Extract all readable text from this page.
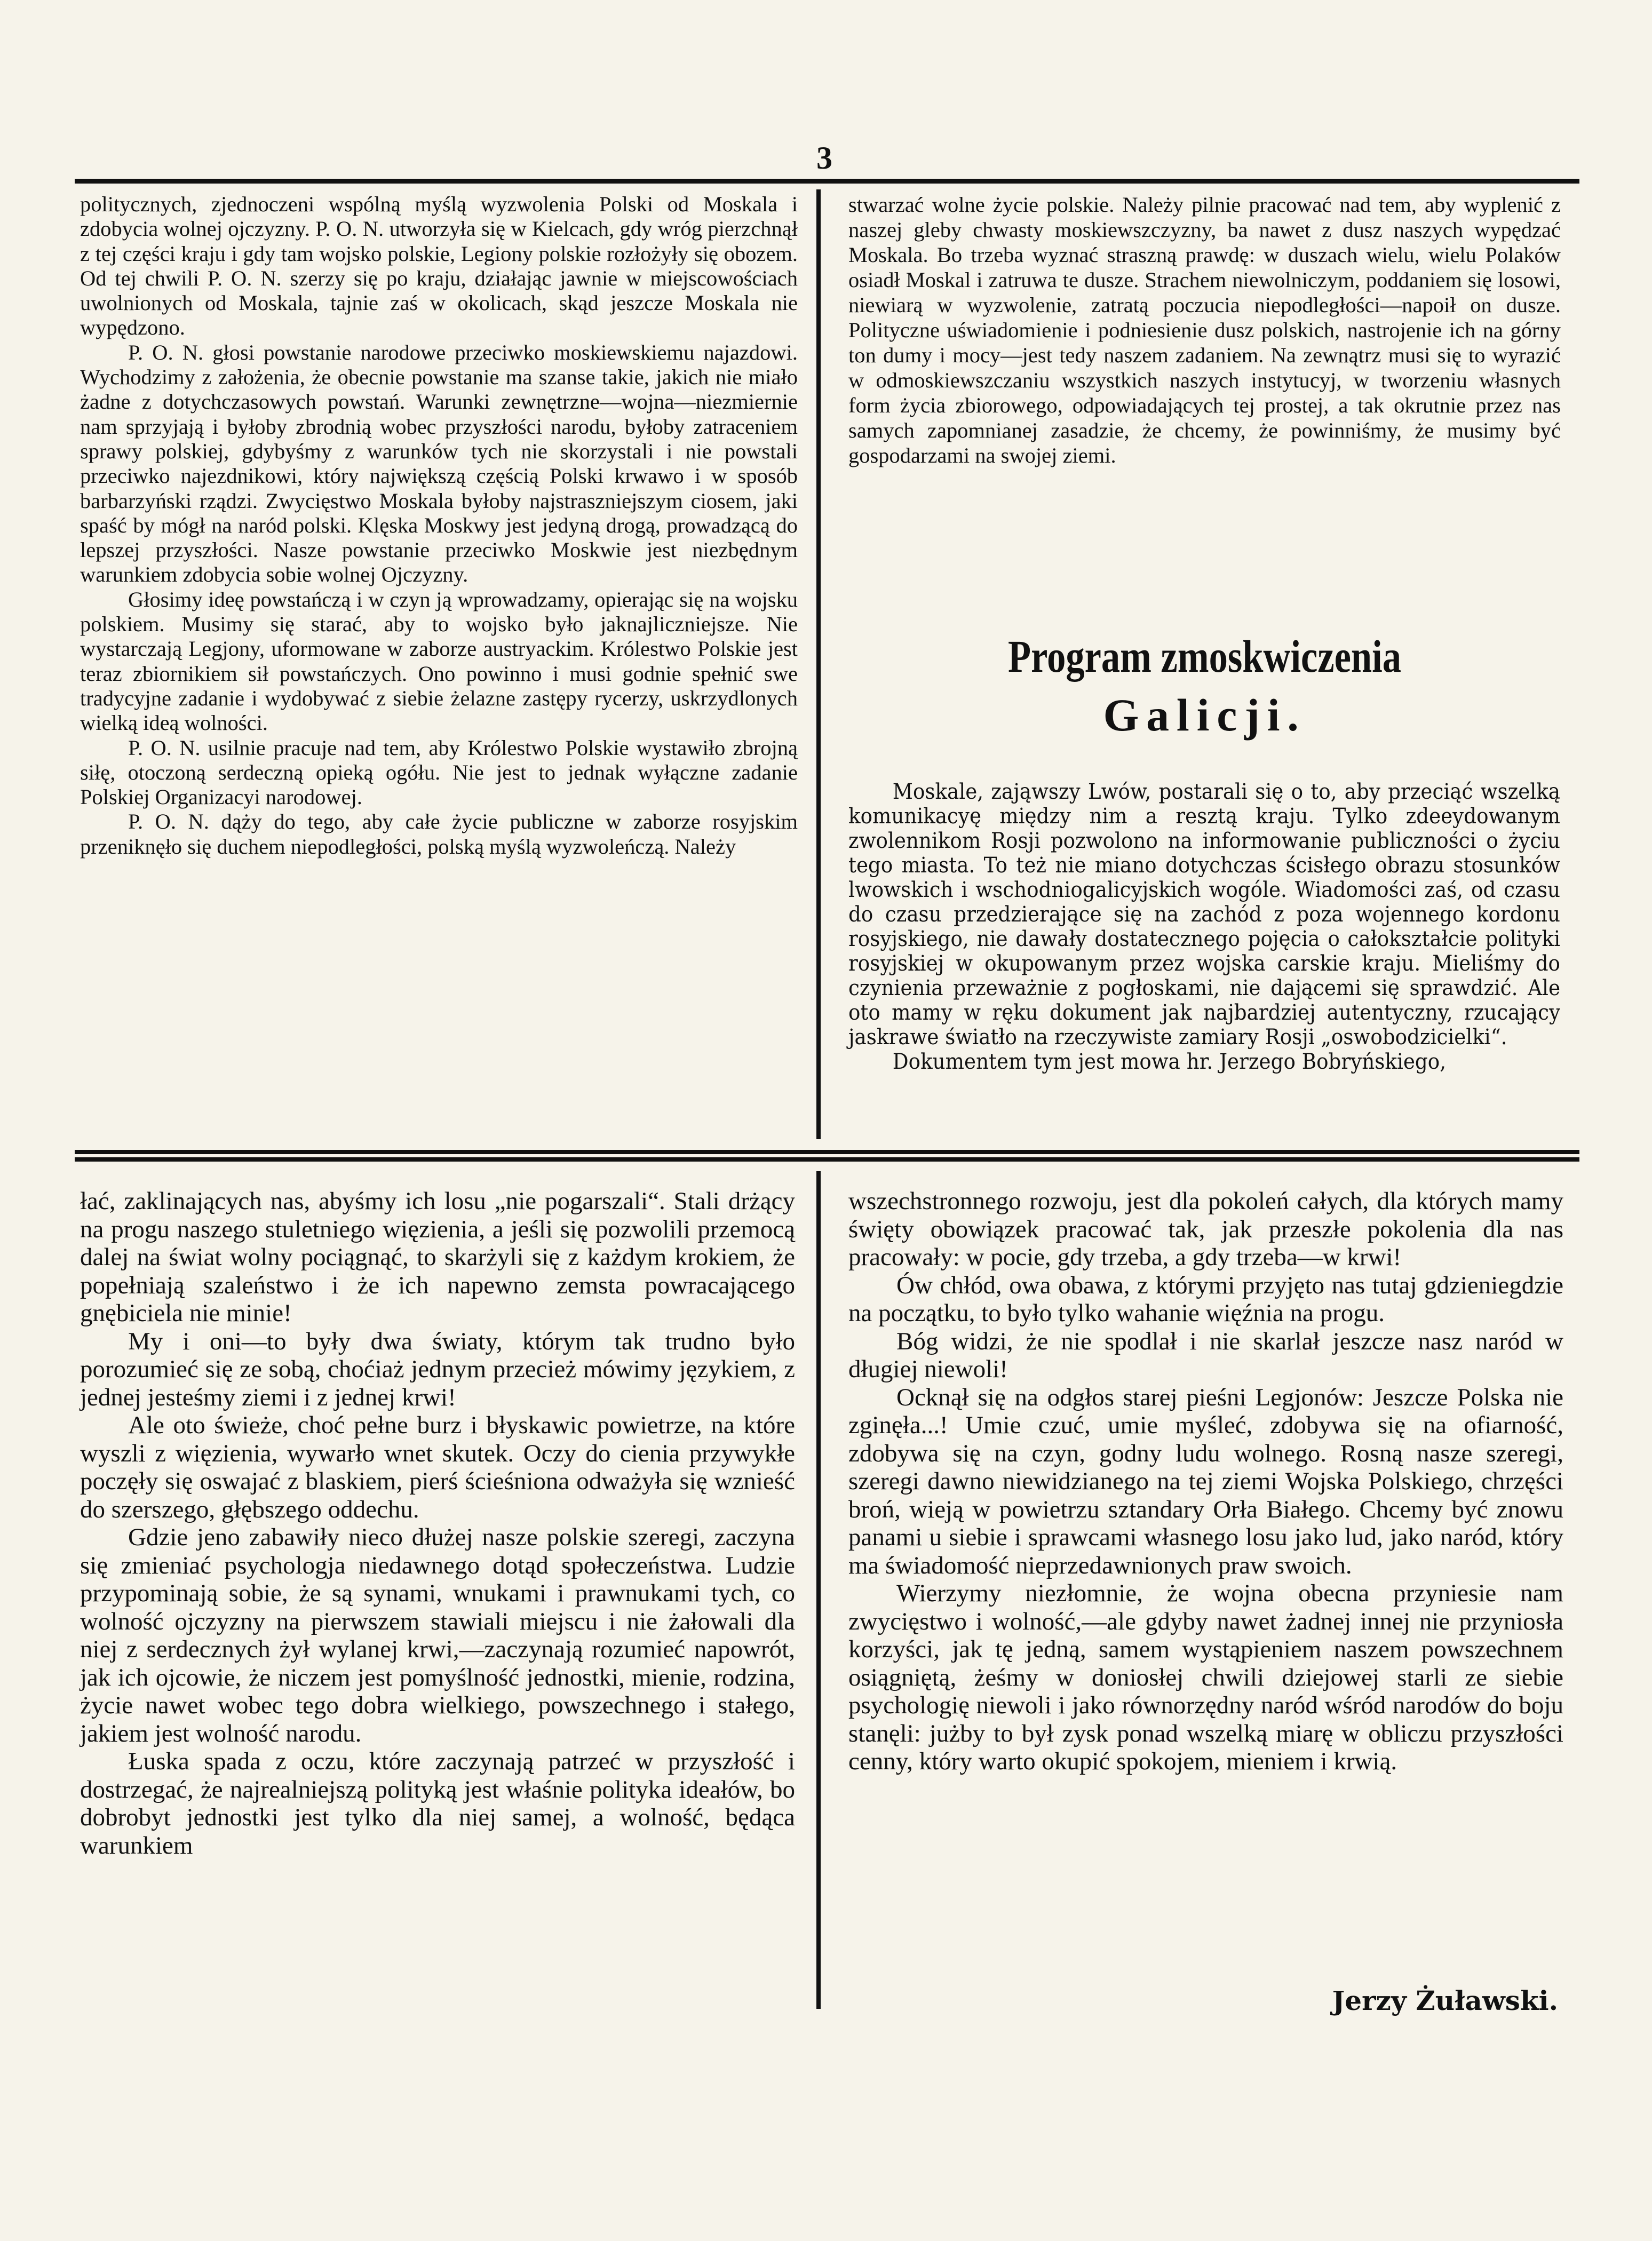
3

politycznych, zjednoczeni wspólną myślą wyzwolenia Polski od Moskala i zdobycia wolnej ojczyzny. P. O. N. utworzyła się w Kielcach, gdy wróg pierzchnął z tej części kraju i gdy tam wojsko polskie, Legiony polskie rozłożyły się obozem. Od tej chwili P. O. N. szerzy się po kraju, działając jawnie w miejscowościach uwolnionych od Moskala, tajnie zaś w okolicach, skąd jeszcze Moskala nie wypędzono.

P. O. N. głosi powstanie narodowe przeciwko moskiewskiemu najazdowi. Wychodzimy z założenia, że obecnie powstanie ma szanse takie, jakich nie miało żadne z dotychczasowych powstań. Warunki zewnętrzne—wojna—niezmiernie nam sprzyjają i byłoby zbrodnią wobec przyszłości narodu, byłoby zatraceniem sprawy polskiej, gdybyśmy z warunków tych nie skorzystali i nie powstali przeciwko najezdnikowi, który największą częścią Polski krwawo i w sposób barbarzyński rządzi. Zwycięstwo Moskala byłoby najstraszniejszym ciosem, jaki spaść by mógł na naród polski. Klęska Moskwy jest jedyną drogą, prowadzącą do lepszej przyszłości. Nasze powstanie przeciwko Moskwie jest niezbędnym warunkiem zdobycia sobie wolnej Ojczyzny.

Głosimy ideę powstańczą i w czyn ją wprowadzamy, opierając się na wojsku polskiem. Musimy się starać, aby to wojsko było jaknajliczniejsze. Nie wystarczają Legjony, uformowane w zaborze austryackim. Królestwo Polskie jest teraz zbiornikiem sił powstańczych. Ono powinno i musi godnie spełnić swe tradycyjne zadanie i wydobywać z siebie żelazne zastępy rycerzy, uskrzydlonych wielką ideą wolności.

P. O. N. usilnie pracuje nad tem, aby Królestwo Polskie wystawiło zbrojną siłę, otoczoną serdeczną opieką ogółu. Nie jest to jednak wyłączne zadanie Polskiej Organizacyi narodowej.

P. O. N. dąży do tego, aby całe życie publiczne w zaborze rosyjskim przeniknęło się duchem niepodległości, polską myślą wyzwoleńczą. Należy

stwarzać wolne życie polskie. Należy pilnie pracować nad tem, aby wyplenić z naszej gleby chwasty moskiewszczyzny, ba nawet z dusz naszych wypędzać Moskala. Bo trzeba wyznać straszną prawdę: w duszach wielu, wielu Polaków osiadł Moskal i zatruwa te dusze. Strachem niewolniczym, poddaniem się losowi, niewiarą w wyzwolenie, zatratą poczucia niepodległości—napoił on dusze. Polityczne uświadomienie i podniesienie dusz polskich, nastrojenie ich na górny ton dumy i mocy—jest tedy naszem zadaniem. Na zewnątrz musi się to wyrazić w odmoskiewszczaniu wszystkich naszych instytucyj, w tworzeniu własnych form życia zbiorowego, odpowiadających tej prostej, a tak okrutnie przez nas samych zapomnianej zasadzie, że chcemy, że powinniśmy, że musimy być gospodarzami na swojej ziemi.

Program zmoskwiczenia
Galicji.

Moskale, zająwszy Lwów, postarali się o to, aby przeciąć wszelką komunikacyę między nim a resztą kraju. Tylko zdeeydowanym zwolennikom Rosji pozwolono na informowanie publiczności o życiu tego miasta. To też nie miano dotychczas ścisłego obrazu stosunków lwowskich i wschodniogalicyjskich wogóle. Wiadomości zaś, od czasu do czasu przedzierające się na zachód z poza wojennego kordonu rosyjskiego, nie dawały dostatecznego pojęcia o całokształcie polityki rosyjskiej w okupowanym przez wojska carskie kraju. Mieliśmy do czynienia przeważnie z pogłoskami, nie dającemi się sprawdzić. Ale oto mamy w ręku dokument jak najbardziej autentyczny, rzucający jaskrawe światło na rzeczywiste zamiary Rosji „oswobodzicielki“.

Dokumentem tym jest mowa hr. Jerzego Bobryńskiego,

łać, zaklinających nas, abyśmy ich losu „nie pogarszali“. Stali drżący na progu naszego stuletniego więzienia, a jeśli się pozwolili przemocą dalej na świat wolny pociągnąć, to skarżyli się z każdym krokiem, że popełniają szaleństwo i że ich napewno zemsta powracającego gnębiciela nie minie!

My i oni—to były dwa światy, którym tak trudno było porozumieć się ze sobą, choćiaż jednym przecież mówimy językiem, z jednej jesteśmy ziemi i z jednej krwi!

Ale oto świeże, choć pełne burz i błyskawic powietrze, na które wyszli z więzienia, wywarło wnet skutek. Oczy do cienia przywykłe poczęły się oswajać z blaskiem, pierś ścieśniona odważyła się wznieść do szerszego, głębszego oddechu.

Gdzie jeno zabawiły nieco dłużej nasze polskie szeregi, zaczyna się zmieniać psychologja niedawnego dotąd społeczeństwa. Ludzie przypominają sobie, że są synami, wnukami i prawnukami tych, co wolność ojczyzny na pierwszem stawiali miejscu i nie żałowali dla niej z serdecznych żył wylanej krwi,—zaczynają rozumieć napowrót, jak ich ojcowie, że niczem jest pomyślność jednostki, mienie, rodzina, życie nawet wobec tego dobra wielkiego, powszechnego i stałego, jakiem jest wolność narodu.

Łuska spada z oczu, które zaczynają patrzeć w przyszłość i dostrzegać, że najrealniejszą polityką jest właśnie polityka ideałów, bo dobrobyt jednostki jest tylko dla niej samej, a wolność, będąca warunkiem

wszechstronnego rozwoju, jest dla pokoleń całych, dla których mamy święty obowiązek pracować tak, jak przeszłe pokolenia dla nas pracowały: w pocie, gdy trzeba, a gdy trzeba—w krwi!

Ów chłód, owa obawa, z którymi przyjęto nas tutaj gdzieniegdzie na początku, to było tylko wahanie więźnia na progu.

Bóg widzi, że nie spodlał i nie skarlał jeszcze nasz naród w długiej niewoli!

Ocknął się na odgłos starej pieśni Legjonów: Jeszcze Polska nie zginęła...! Umie czuć, umie myśleć, zdobywa się na ofiarność, zdobywa się na czyn, godny ludu wolnego. Rosną nasze szeregi, szeregi dawno niewidzianego na tej ziemi Wojska Polskiego, chrzęści broń, wieją w powietrzu sztandary Orła Białego. Chcemy być znowu panami u siebie i sprawcami własnego losu jako lud, jako naród, który ma świadomość nieprzedawnionych praw swoich.

Wierzymy niezłomnie, że wojna obecna przyniesie nam zwycięstwo i wolność,—ale gdyby nawet żadnej innej nie przyniosła korzyści, jak tę jedną, samem wystąpieniem naszem powszechnem osiągniętą, żeśmy w doniosłej chwili dziejowej starli ze siebie psychologię niewoli i jako równorzędny naród wśród narodów do boju stanęli: jużby to był zysk ponad wszelką miarę w obliczu przyszłości cenny, który warto okupić spokojem, mieniem i krwią.

Jerzy Żuławski.
